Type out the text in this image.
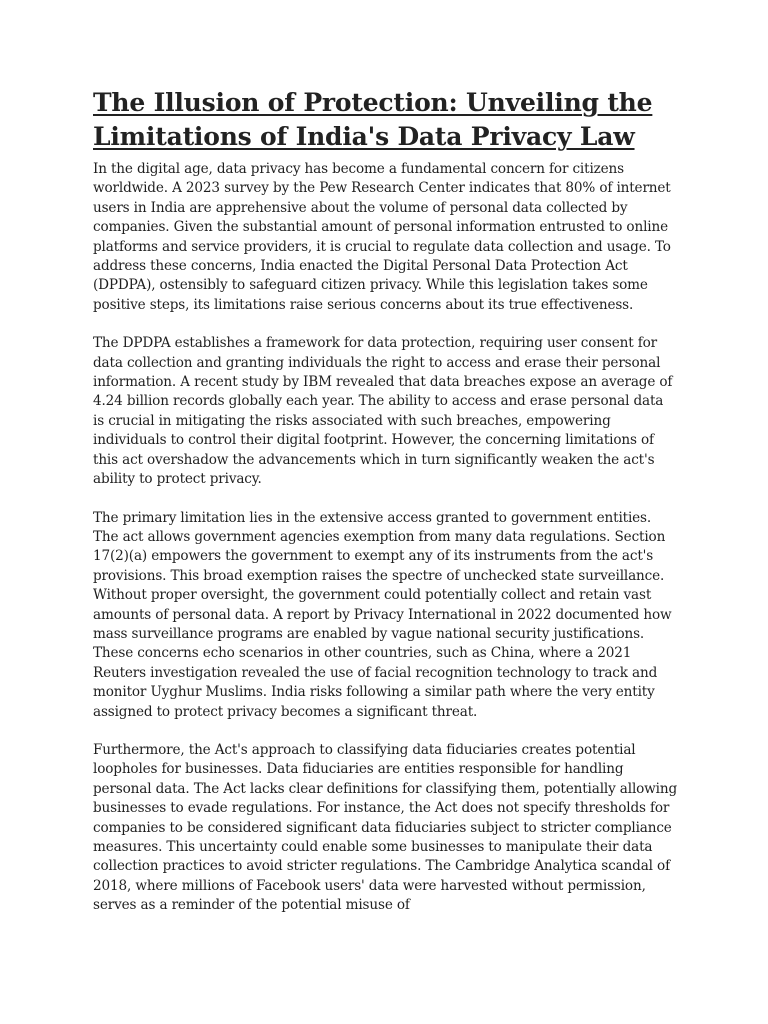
The Illusion of Protection: Unveiling the Limitations of India's Data Privacy Law

In the digital age, data privacy has become a fundamental concern for citizens worldwide. A 2023 survey by the Pew Research Center indicates that 80% of internet users in India are apprehensive about the volume of personal data collected by companies. Given the substantial amount of personal information entrusted to online platforms and service providers, it is crucial to regulate data collection and usage. To address these concerns, India enacted the Digital Personal Data Protection Act (DPDPA), ostensibly to safeguard citizen privacy. While this legislation takes some positive steps, its limitations raise serious concerns about its true effectiveness.

The DPDPA establishes a framework for data protection, requiring user consent for data collection and granting individuals the right to access and erase their personal information. A recent study by IBM revealed that data breaches expose an average of 4.24 billion records globally each year. The ability to access and erase personal data is crucial in mitigating the risks associated with such breaches, empowering individuals to control their digital footprint. However, the concerning limitations of this act overshadow the advancements which in turn significantly weaken the act's ability to protect privacy.

The primary limitation lies in the extensive access granted to government entities. The act allows government agencies exemption from many data regulations. Section 17(2)(a) empowers the government to exempt any of its instruments from the act's provisions. This broad exemption raises the spectre of unchecked state surveillance. Without proper oversight, the government could potentially collect and retain vast amounts of personal data. A report by Privacy International in 2022 documented how mass surveillance programs are enabled by vague national security justifications. These concerns echo scenarios in other countries, such as China, where a 2021 Reuters investigation revealed the use of facial recognition technology to track and monitor Uyghur Muslims. India risks following a similar path where the very entity assigned to protect privacy becomes a significant threat.

Furthermore, the Act's approach to classifying data fiduciaries creates potential loopholes for businesses. Data fiduciaries are entities responsible for handling personal data. The Act lacks clear definitions for classifying them, potentially allowing businesses to evade regulations. For instance, the Act does not specify thresholds for companies to be considered significant data fiduciaries subject to stricter compliance measures. This uncertainty could enable some businesses to manipulate their data collection practices to avoid stricter regulations. The Cambridge Analytica scandal of 2018, where millions of Facebook users' data were harvested without permission, serves as a reminder of the potential misuse of
